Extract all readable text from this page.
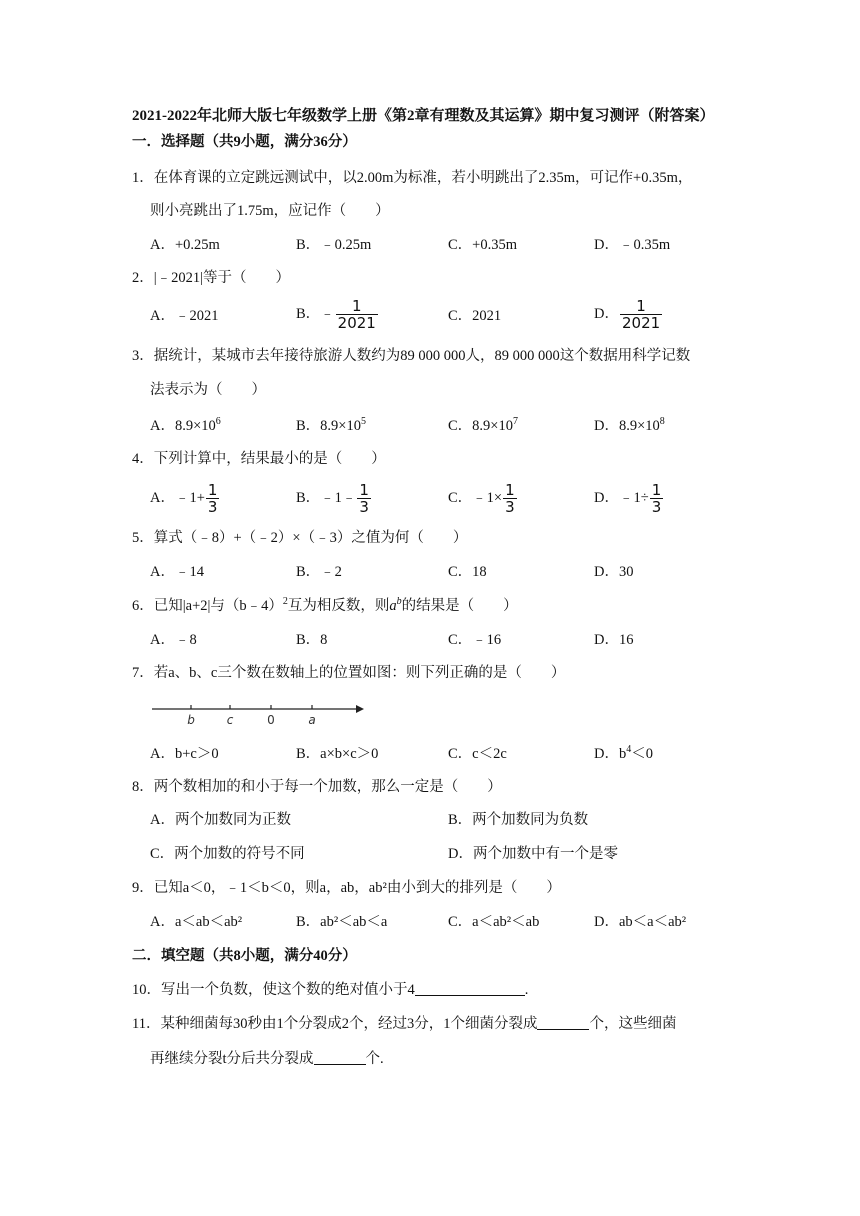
2021-2022年北师大版七年级数学上册《第2章有理数及其运算》期中复习测评（附答案）
一．选择题（共9小题，满分36分）
1．在体育课的立定跳远测试中，以2.00m为标准，若小明跳出了2.35m，可记作+0.35m，
则小亮跳出了1.75m，应记作（　　）
A．+0.25m	B．﹣0.25m	C．+0.35m	D．﹣0.35m
2．|﹣2021|等于（　　）
A．﹣2021	B．﹣ $\frac{1}{2021}$	C．2021	D． $\frac{1}{2021}$
3．据统计，某城市去年接待旅游人数约为89 000 000人，89 000 000这个数据用科学记数
法表示为（　　）
A．$8.9\times 10^6$	B．$8.9\times 10^5$	C．$8.9\times 10^7$	D．$8.9\times 10^8$
4．下列计算中，结果最小的是（　　）
A．﹣1+ $\frac{1}{3}$	B．﹣1﹣ $\frac{1}{3}$	C．﹣1× $\frac{1}{3}$	D．﹣1÷ $\frac{1}{3}$
5．算式（﹣8）+（﹣2）×（﹣3）之值为何（　　）
A．﹣14	B．﹣2	C．18	D．30
6．已知|a+2|与（b﹣4）$^2$互为相反数，则$a^b$的结果是（　　）
A．﹣8	B．8	C．﹣16	D．16
7．若a、b、c三个数在数轴上的位置如图：则下列正确的是（　　）
b	c	0	a
A．b+c＞0	B．a×b×c＞0	C．c＜2c	D．$b^4<0$
8．两个数相加的和小于每一个加数，那么一定是（　　）
A．两个加数同为正数	B．两个加数同为负数
C．两个加数的符号不同	D．两个加数中有一个是零
9．已知a＜0，﹣1＜b＜0，则a，ab，ab²由小到大的排列是（　　）
A．a＜ab＜ab²	B．ab²＜ab＜a	C．a＜ab²＜ab	D．ab＜a＜ab²
二．填空题（共8小题，满分40分）
10．写出一个负数，使这个数的绝对值小于4	.
11．某种细菌每30秒由1个分裂成2个，经过3分，1个细菌分裂成	个，这些细菌
再继续分裂t分后共分裂成	个.
